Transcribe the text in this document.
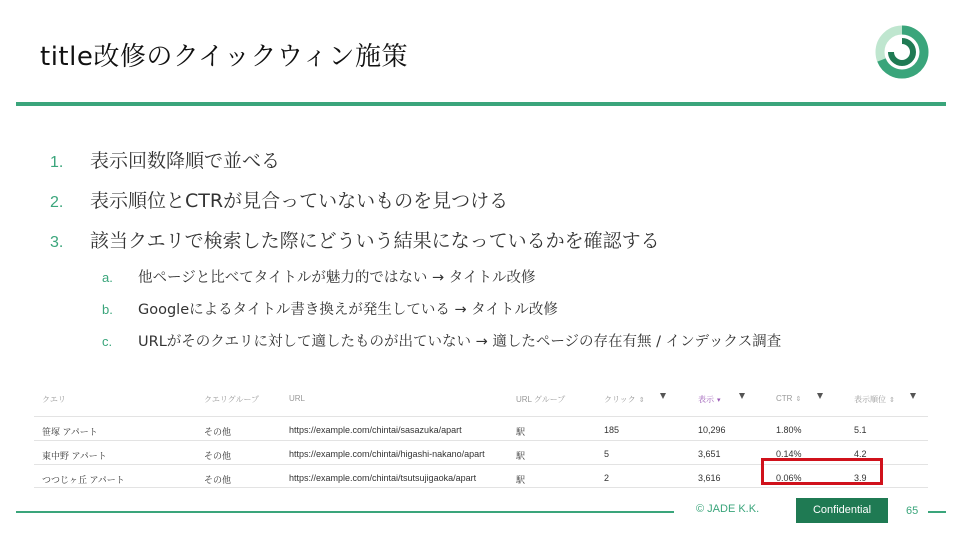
title改修のクイックウィン施策
1.	表示回数降順で並べる
2.	表示順位とCTRが見合っていないものを見つける
3.	該当クエリで検索した際にどういう結果になっているかを確認する
a.	他ページと比べてタイトルが魅力的ではない → タイトル改修
b.	Googleによるタイトル書き換えが発生している → タイトル改修
c.	URLがそのクエリに対して適したものが出ていない → 適したページの存在有無 / インデックス調査
クエリ	クエリグループ	URL	URL グループ	クリック ⇕	表示 ▾	CTR ⇕	表示順位 ⇕
笹塚 アパート	その他	https://example.com/chintai/sasazuka/apart	駅	185	10,296	1.80%	5.1
東中野 アパート	その他	https://example.com/chintai/higashi-nakano/apart	駅	5	3,651	0.14%	4.2
つつじヶ丘 アパート	その他	https://example.com/chintai/tsutsujigaoka/apart	駅	2	3,616	0.06%	3.9
© JADE K.K.	Confidential	65
